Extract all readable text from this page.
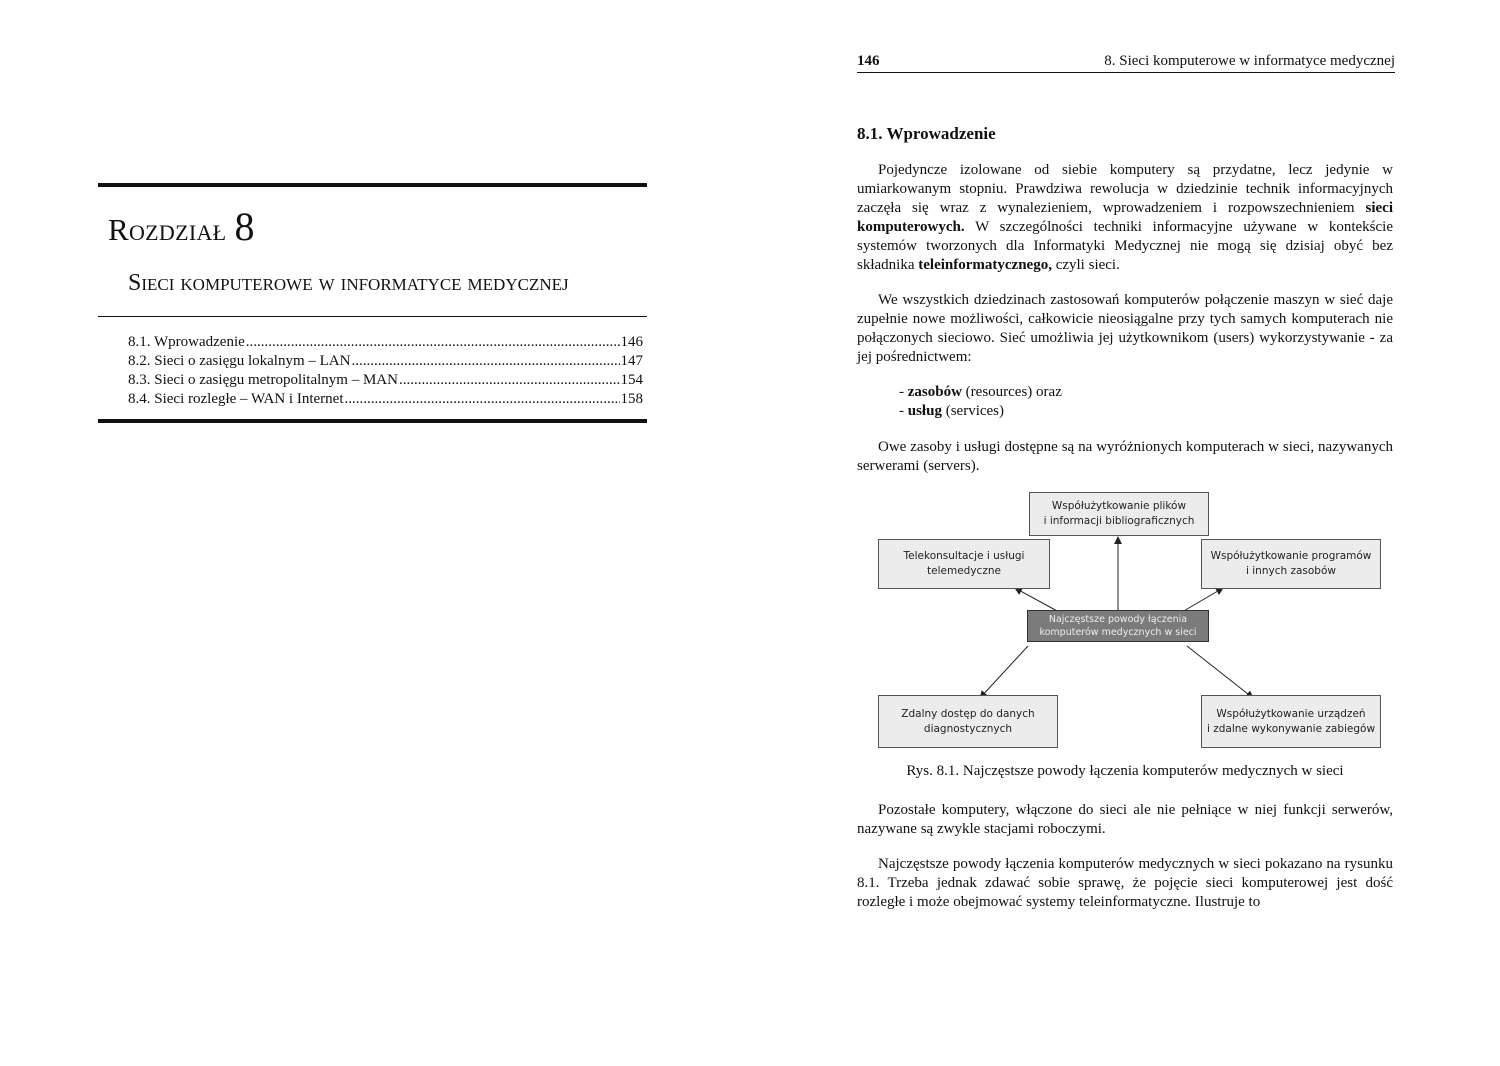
Rozdział 8
Sieci komputerowe w informatyce medycznej
8.1. Wprowadzenie .....	146
8.2. Sieci o zasięgu lokalnym – LAN .....	147
8.3. Sieci o zasięgu metropolitalnym – MAN .....	154
8.4. Sieci rozległe – WAN i Internet .....	158
146	8. Sieci komputerowe w informatyce medycznej
8.1. Wprowadzenie

Pojedyncze izolowane od siebie komputery są przydatne, lecz jedynie w umiarkowanym stopniu. Prawdziwa rewolucja w dziedzinie technik informacyjnych zaczęła się wraz z wynalezieniem, wprowadzeniem i rozpowszechnieniem sieci komputerowych. W szczególności techniki informacyjne używane w kontekście systemów tworzonych dla Informatyki Medycznej nie mogą się dzisiaj obyć bez składnika teleinformatycznego, czyli sieci.

We wszystkich dziedzinach zastosowań komputerów połączenie maszyn w sieć daje zupełnie nowe możliwości, całkowicie nieosiągalne przy tych samych komputerach nie połączonych sieciowo. Sieć umożliwia jej użytkownikom (users) wykorzystywanie - za jej pośrednictwem:

- zasobów (resources) oraz
- usług (services)

Owe zasoby i usługi dostępne są na wyróżnionych komputerach w sieci, nazywanych serwerami (servers).

Współużytkowanie plików
i informacji bibliograficznych
Telekonsultacje i usługi
telemedyczne
Współużytkowanie programów
i innych zasobów
Najczęstsze powody łączenia
komputerów medycznych w sieci
Zdalny dostęp do danych
diagnostycznych
Współużytkowanie urządzeń
i zdalne wykonywanie zabiegów

Rys. 8.1. Najczęstsze powody łączenia komputerów medycznych w sieci

Pozostałe komputery, włączone do sieci ale nie pełniące w niej funkcji serwerów, nazywane są zwykle stacjami roboczymi.

Najczęstsze powody łączenia komputerów medycznych w sieci pokazano na rysunku 8.1. Trzeba jednak zdawać sobie sprawę, że pojęcie sieci komputerowej jest dość rozległe i może obejmować systemy teleinformatyczne. Ilustruje to
